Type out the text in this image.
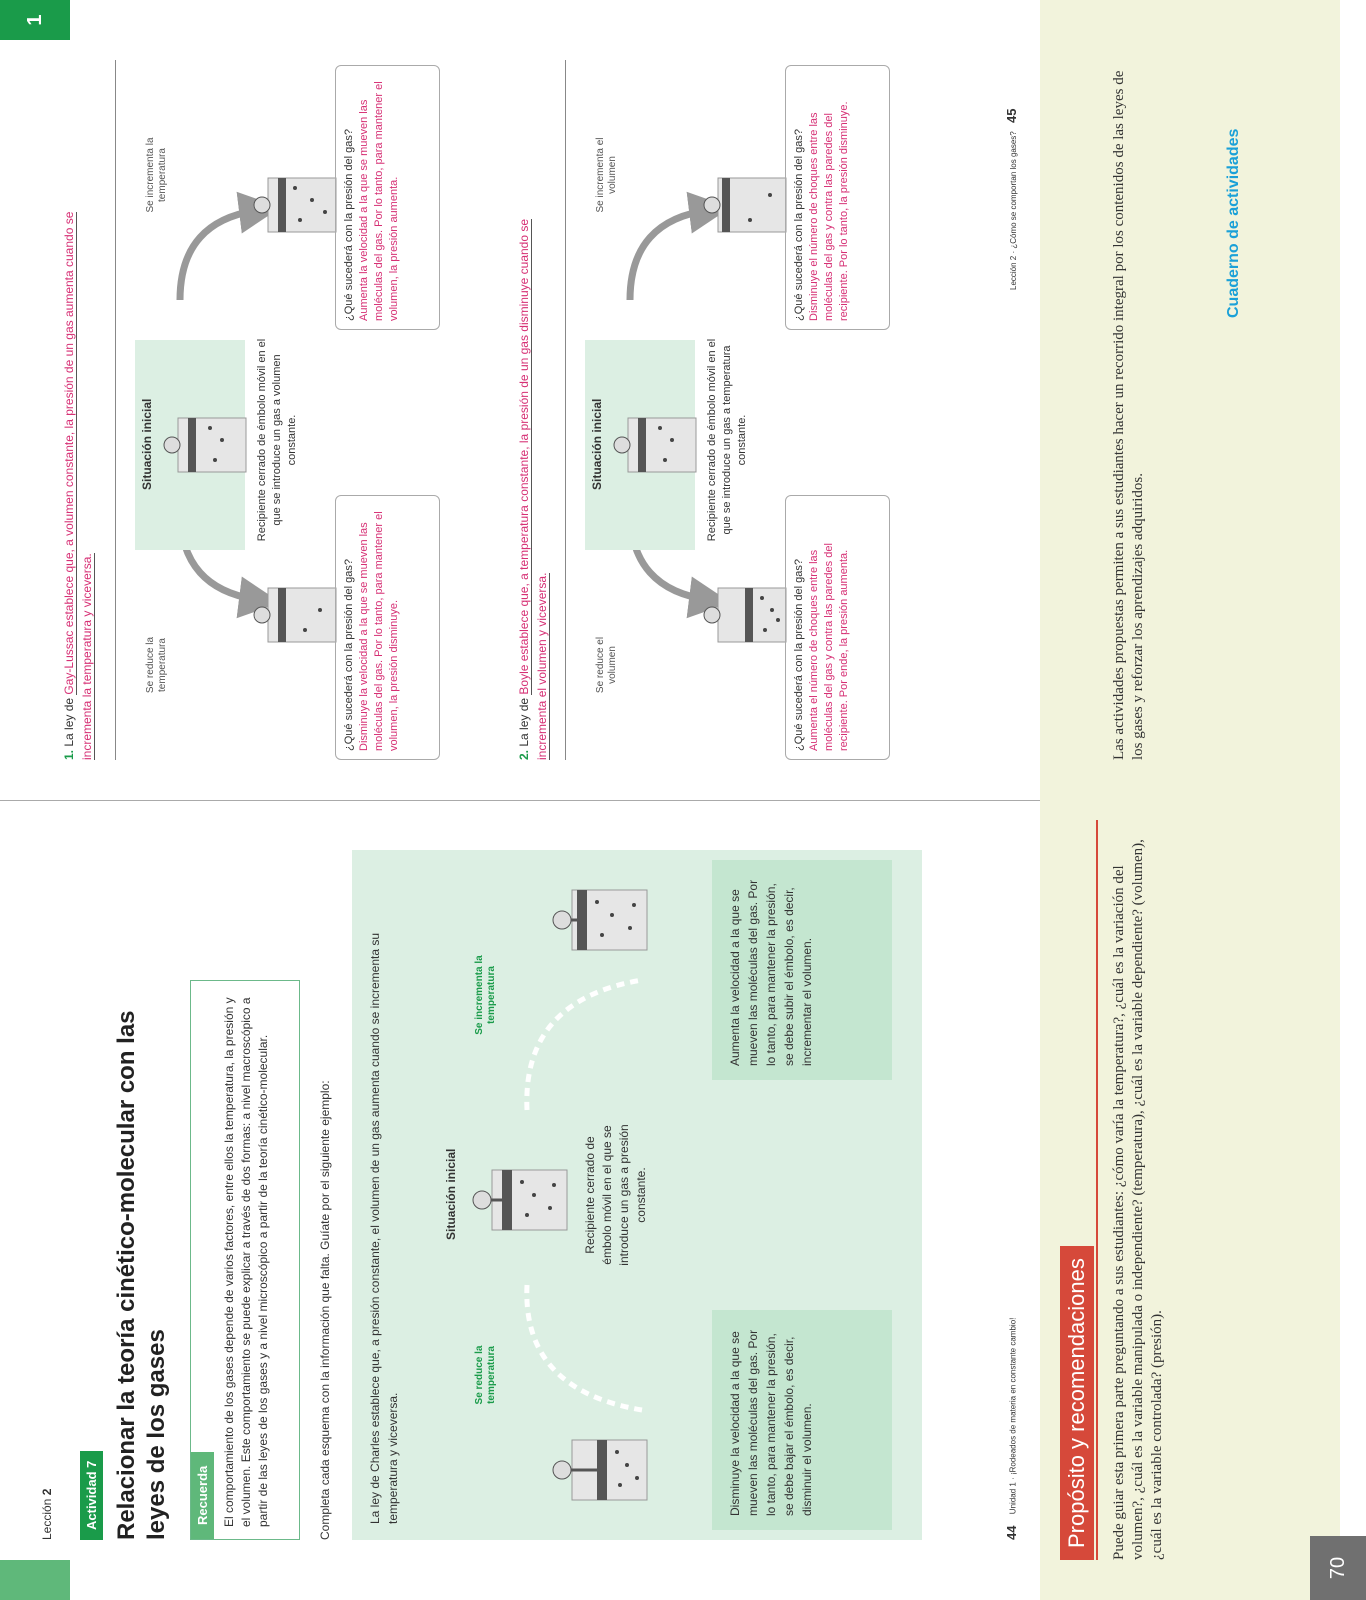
Lección 2	Actividad 7 Relacionar la teoría cinético-molecular con las leyes de los gases	Recuerda	El comportamiento de los gases depende de varios factores, entre ellos la temperatura, la presión y el volumen. Este comportamiento se puede explicar a través de dos formas: a nivel macroscópico a partir de las leyes de los gases y a nivel microscópico a partir de la teoría cinético-molecular.	Completa cada esquema con la información que falta. Guíate por el siguiente ejemplo:	La ley de Charles establece que, a presión constante, el volumen de un gas aumenta cuando se incrementa su temperatura y viceversa.
Situación inicial
Se reduce la temperatura
Se incrementa la temperatura
Recipiente cerrado de émbolo móvil en el que se introduce un gas a presión constante.
Disminuye la velocidad a la que se mueven las moléculas del gas. Por lo tanto, para mantener la presión, se debe bajar el émbolo, es decir, disminuir el volumen.
Aumenta la velocidad a la que se mueven las moléculas del gas. Por lo tanto, para mantener la presión, se debe subir el émbolo, es decir, incrementar el volumen.
44 Unidad 1 · ¡Rodeados de materia en constante cambio!
1. La ley de Gay-Lussac establece que, a volumen constante, la presión de un gas aumenta cuando se incrementa la temperatura y viceversa.
Situación inicial
Se reduce la temperatura
Se incrementa la temperatura
Recipiente cerrado de émbolo móvil en el que se introduce un gas a volumen constante.
¿Qué sucederá con la presión del gas? Disminuye la velocidad a la que se mueven las moléculas del gas. Por lo tanto, para mantener el volumen, la presión disminuye.
¿Qué sucederá con la presión del gas? Aumenta la velocidad a la que se mueven las moléculas del gas. Por lo tanto, para mantener el volumen, la presión aumenta.
2. La ley de Boyle establece que, a temperatura constante, la presión de un gas disminuye cuando se incrementa el volumen y viceversa.
Situación inicial
Se reduce el volumen
Se incrementa el volumen
Recipiente cerrado de émbolo móvil en el que se introduce un gas a temperatura constante.
¿Qué sucederá con la presión del gas? Aumenta el número de choques entre las moléculas del gas y contra las paredes del recipiente. Por ende, la presión aumenta.
¿Qué sucederá con la presión del gas? Disminuye el número de choques entre las moléculas del gas y contra las paredes del recipiente. Por lo tanto, la presión disminuye.
1
Lección 2 · ¿Cómo se comportan los gases? 45
70
Propósito y recomendaciones	Puede guiar esta primera parte preguntando a sus estudiantes: ¿cómo varía la temperatura?, ¿cuál es la variación del volumen?, ¿cuál es la variable manipulada o independiente? (temperatura), ¿cuál es la variable dependiente? (volumen), ¿cuál es la variable controlada? (presión).
Las actividades propuestas permiten a sus estudiantes hacer un recorrido integral por los contenidos de las leyes de los gases y reforzar los aprendizajes adquiridos.
Cuaderno de actividades
